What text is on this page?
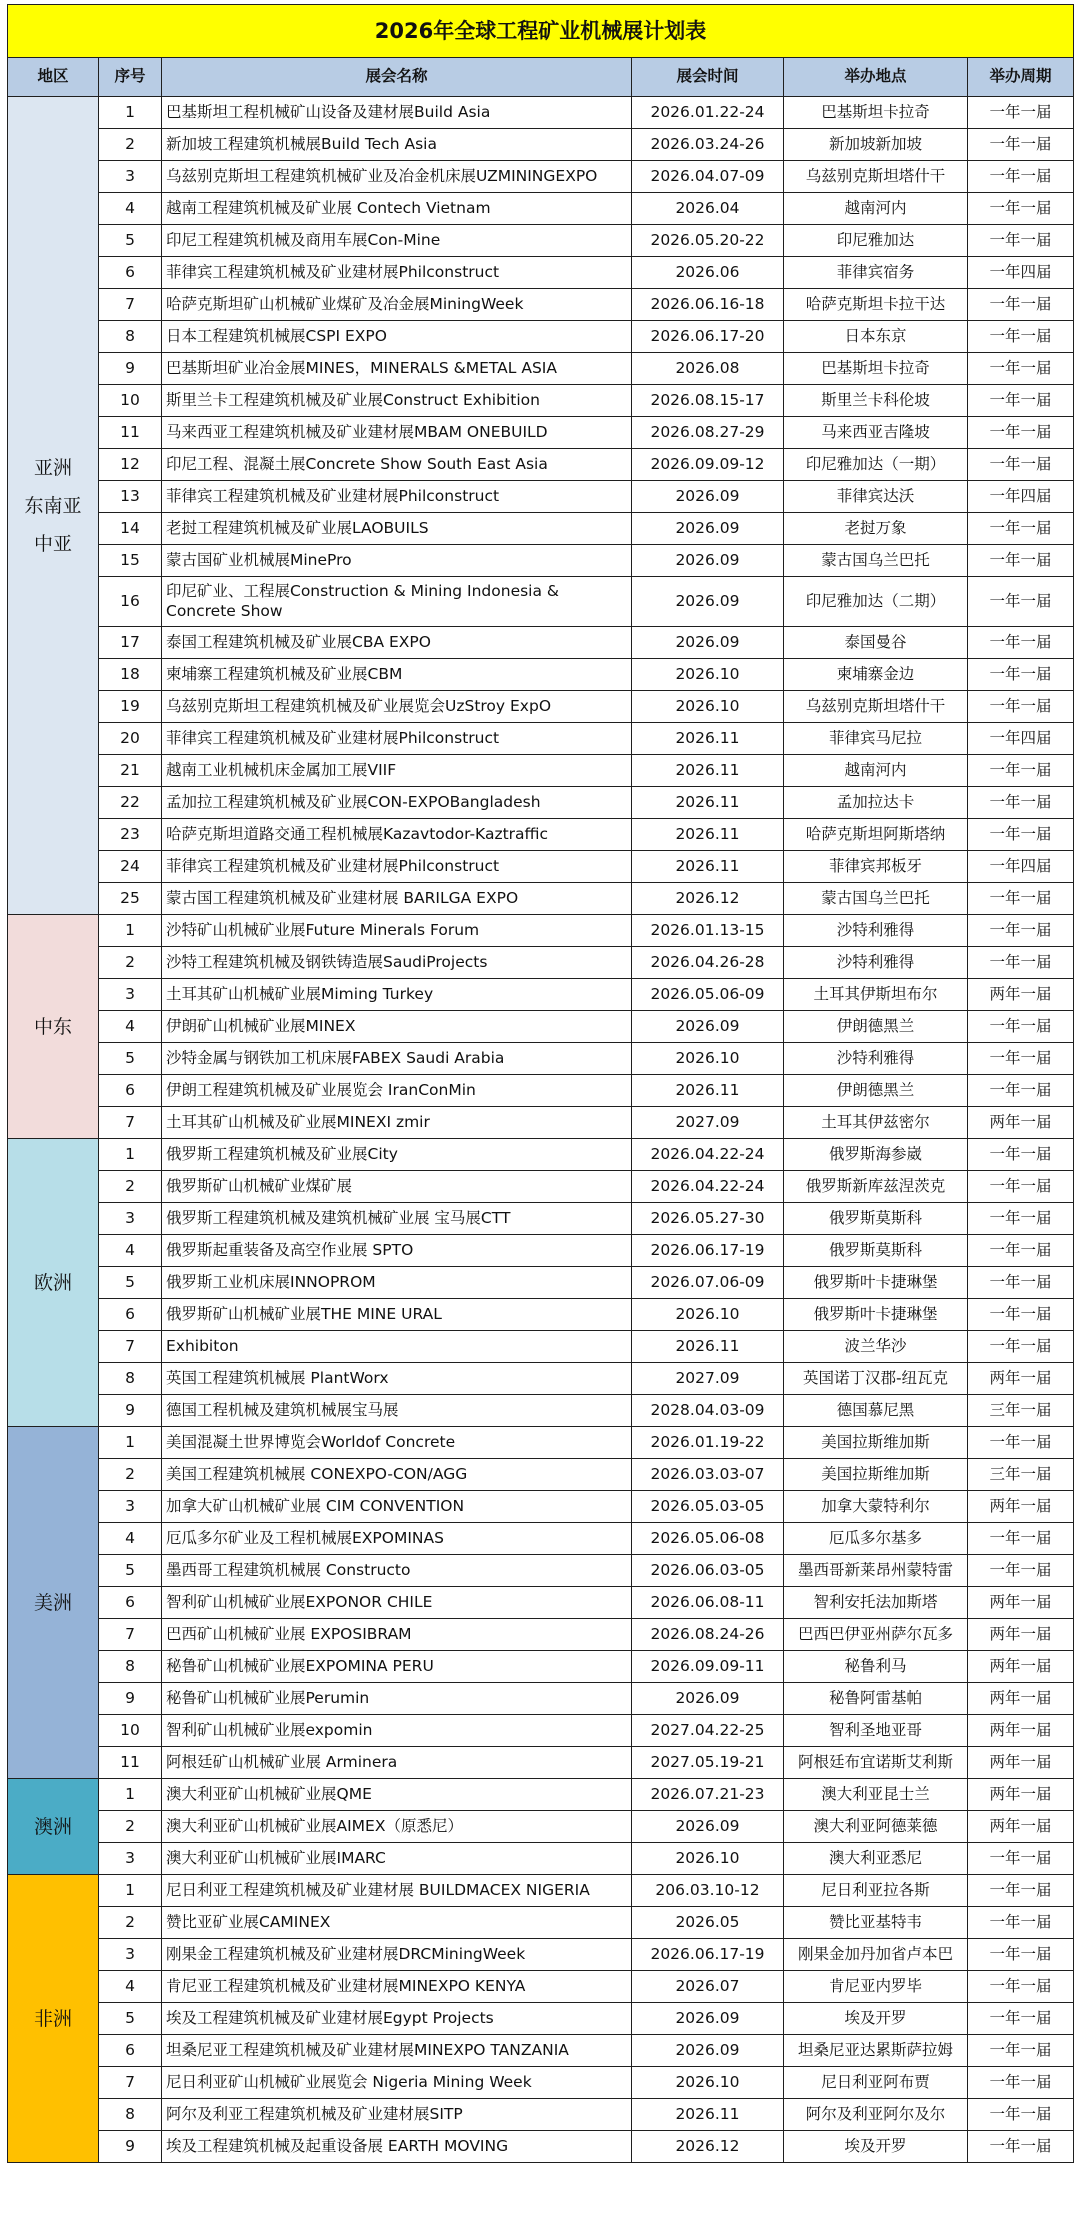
2026年全球工程矿业机械展计划表					
地区	序号	展会名称	展会时间	举办地点	举办周期

亚洲
东南亚
中亚	1	巴基斯坦工程机械矿山设备及建材展Build Asia	2026.01.22-24	巴基斯坦卡拉奇	一年一届
	2	新加坡工程建筑机械展Build Tech Asia	2026.03.24-26	新加坡新加坡	一年一届
	3	乌兹别克斯坦工程建筑机械矿业及冶金机床展UZMININGEXPO	2026.04.07-09	乌兹别克斯坦塔什干	一年一届
	4	越南工程建筑机械及矿业展 Contech Vietnam	2026.04	越南河内	一年一届
	5	印尼工程建筑机械及商用车展Con-Mine	2026.05.20-22	印尼雅加达	一年一届
	6	菲律宾工程建筑机械及矿业建材展Philconstruct	2026.06	菲律宾宿务	一年四届
	7	哈萨克斯坦矿山机械矿业煤矿及冶金展MiningWeek	2026.06.16-18	哈萨克斯坦卡拉干达	一年一届
	8	日本工程建筑机械展CSPI EXPO	2026.06.17-20	日本东京	一年一届
	9	巴基斯坦矿业冶金展MINES，MINERALS &METAL ASIA	2026.08	巴基斯坦卡拉奇	一年一届
	10	斯里兰卡工程建筑机械及矿业展Construct Exhibition	2026.08.15-17	斯里兰卡科伦坡	一年一届
	11	马来西亚工程建筑机械及矿业建材展MBAM ONEBUILD	2026.08.27-29	马来西亚吉隆坡	一年一届
	12	印尼工程、混凝土展Concrete Show South East Asia	2026.09.09-12	印尼雅加达（一期）	一年一届
	13	菲律宾工程建筑机械及矿业建材展Philconstruct	2026.09	菲律宾达沃	一年四届
	14	老挝工程建筑机械及矿业展LAOBUILS	2026.09	老挝万象	一年一届
	15	蒙古国矿业机械展MinePro	2026.09	蒙古国乌兰巴托	一年一届
	16	印尼矿业、工程展Construction & Mining Indonesia & Concrete Show	2026.09	印尼雅加达（二期）	一年一届
	17	泰国工程建筑机械及矿业展CBA EXPO	2026.09	泰国曼谷	一年一届
	18	柬埔寨工程建筑机械及矿业展CBM	2026.10	柬埔寨金边	一年一届
	19	乌兹别克斯坦工程建筑机械及矿业展览会UzStroy ExpO	2026.10	乌兹别克斯坦塔什干	一年一届
	20	菲律宾工程建筑机械及矿业建材展Philconstruct	2026.11	菲律宾马尼拉	一年四届
	21	越南工业机械机床金属加工展VIIF	2026.11	越南河内	一年一届
	22	孟加拉工程建筑机械及矿业展CON-EXPOBangladesh	2026.11	孟加拉达卡	一年一届
	23	哈萨克斯坦道路交通工程机械展Kazavtodor-Kaztraffic	2026.11	哈萨克斯坦阿斯塔纳	一年一届
	24	菲律宾工程建筑机械及矿业建材展Philconstruct	2026.11	菲律宾邦板牙	一年四届
	25	蒙古国工程建筑机械及矿业建材展 BARILGA EXPO	2026.12	蒙古国乌兰巴托	一年一届

中东	1	沙特矿山机械矿业展Future Minerals Forum	2026.01.13-15	沙特利雅得	一年一届
	2	沙特工程建筑机械及钢铁铸造展SaudiProjects	2026.04.26-28	沙特利雅得	一年一届
	3	土耳其矿山机械矿业展Miming Turkey	2026.05.06-09	土耳其伊斯坦布尔	两年一届
	4	伊朗矿山机械矿业展MINEX	2026.09	伊朗德黑兰	一年一届
	5	沙特金属与钢铁加工机床展FABEX Saudi Arabia	2026.10	沙特利雅得	一年一届
	6	伊朗工程建筑机械及矿业展览会 IranConMin	2026.11	伊朗德黑兰	一年一届
	7	土耳其矿山机械及矿业展MINEXI zmir	2027.09	土耳其伊兹密尔	两年一届

欧洲	1	俄罗斯工程建筑机械及矿业展City	2026.04.22-24	俄罗斯海参崴	一年一届
	2	俄罗斯矿山机械矿业煤矿展	2026.04.22-24	俄罗斯新库兹涅茨克	一年一届
	3	俄罗斯工程建筑机械及建筑机械矿业展 宝马展CTT	2026.05.27-30	俄罗斯莫斯科	一年一届
	4	俄罗斯起重装备及高空作业展 SPTO	2026.06.17-19	俄罗斯莫斯科	一年一届
	5	俄罗斯工业机床展INNOPROM	2026.07.06-09	俄罗斯叶卡捷琳堡	一年一届
	6	俄罗斯矿山机械矿业展THE MINE URAL	2026.10	俄罗斯叶卡捷琳堡	一年一届
	7	Exhibiton	2026.11	波兰华沙	一年一届
	8	英国工程建筑机械展 PlantWorx	2027.09	英国诺丁汉郡-纽瓦克	两年一届
	9	德国工程机械及建筑机械展宝马展	2028.04.03-09	德国慕尼黑	三年一届

美洲	1	美国混凝土世界博览会Worldof Concrete	2026.01.19-22	美国拉斯维加斯	一年一届
	2	美国工程建筑机械展 CONEXPO-CON/AGG	2026.03.03-07	美国拉斯维加斯	三年一届
	3	加拿大矿山机械矿业展 CIM CONVENTION	2026.05.03-05	加拿大蒙特利尔	两年一届
	4	厄瓜多尔矿业及工程机械展EXPOMINAS	2026.05.06-08	厄瓜多尔基多	一年一届
	5	墨西哥工程建筑机械展 Constructo	2026.06.03-05	墨西哥新莱昂州蒙特雷	一年一届
	6	智利矿山机械矿业展EXPONOR CHILE	2026.06.08-11	智利安托法加斯塔	两年一届
	7	巴西矿山机械矿业展 EXPOSIBRAM	2026.08.24-26	巴西巴伊亚州萨尔瓦多	两年一届
	8	秘鲁矿山机械矿业展EXPOMINA PERU	2026.09.09-11	秘鲁利马	两年一届
	9	秘鲁矿山机械矿业展Perumin	2026.09	秘鲁阿雷基帕	两年一届
	10	智利矿山机械矿业展expomin	2027.04.22-25	智利圣地亚哥	两年一届
	11	阿根廷矿山机械矿业展 Arminera	2027.05.19-21	阿根廷布宜诺斯艾利斯	两年一届

澳洲	1	澳大利亚矿山机械矿业展QME	2026.07.21-23	澳大利亚昆士兰	两年一届
	2	澳大利亚矿山机械矿业展AIMEX（原悉尼）	2026.09	澳大利亚阿德莱德	两年一届
	3	澳大利亚矿山机械矿业展IMARC	2026.10	澳大利亚悉尼	一年一届

非洲	1	尼日利亚工程建筑机械及矿业建材展 BUILDMACEX NIGERIA	206.03.10-12	尼日利亚拉各斯	一年一届
	2	赞比亚矿业展CAMINEX	2026.05	赞比亚基特韦	一年一届
	3	刚果金工程建筑机械及矿业建材展DRCMiningWeek	2026.06.17-19	刚果金加丹加省卢本巴	一年一届
	4	肯尼亚工程建筑机械及矿业建材展MINEXPO KENYA	2026.07	肯尼亚内罗毕	一年一届
	5	埃及工程建筑机械及矿业建材展Egypt Projects	2026.09	埃及开罗	一年一届
	6	坦桑尼亚工程建筑机械及矿业建材展MINEXPO TANZANIA	2026.09	坦桑尼亚达累斯萨拉姆	一年一届
	7	尼日利亚矿山机械矿业展览会 Nigeria Mining Week	2026.10	尼日利亚阿布贾	一年一届
	8	阿尔及利亚工程建筑机械及矿业建材展SITP	2026.11	阿尔及利亚阿尔及尔	一年一届
	9	埃及工程建筑机械及起重设备展 EARTH MOVING	2026.12	埃及开罗	一年一届
